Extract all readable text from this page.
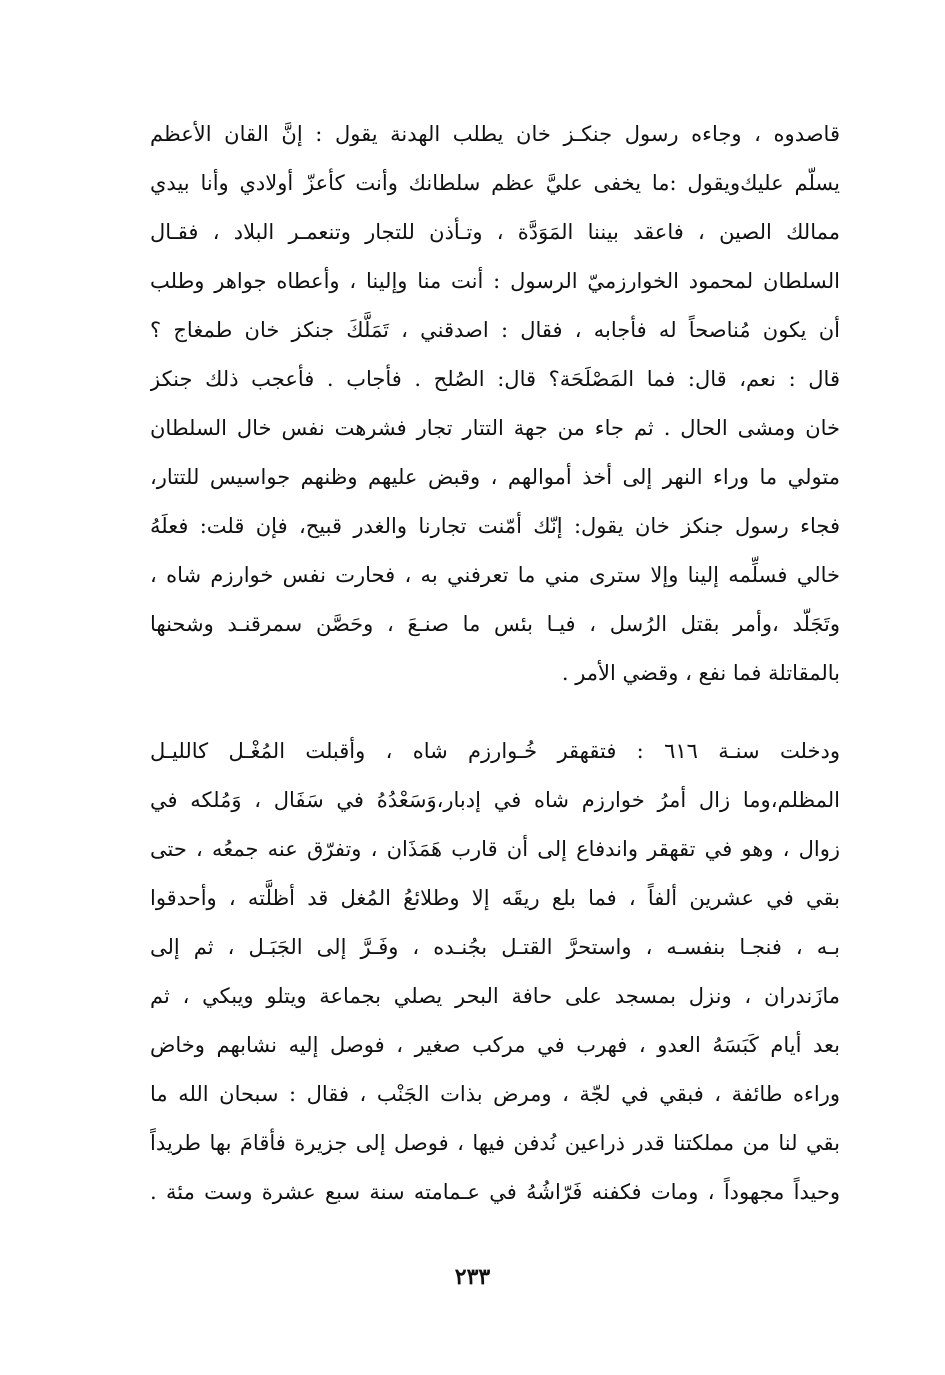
قاصدوه ، وجاءه رسول جنكـز خان يطلب الهدنة يقول : إنَّ القان الأعظم
يسلّم عليك‌ويقول :ما يخفى عليَّ عظم سلطانك وأنت كأعزّ أولادي وأنا بيدي
ممالك الصين ، فاعقد بيننا المَوَدَّة ، وتـأذن للتجار وتنعمـر البلاد ، فقـال
السلطان لمحمود الخوارزميّ الرسول : أنت منا وإلينا ، وأعطاه جواهر وطلب
أن يكون مُناصحاً له فأجابه ، فقال : اصدقني ، تَمَلَّكَ جنكز خان طمغاج ؟
قال : نعم، قال: فما المَصْلَحَة؟ قال: الصُلح . فأجاب . فأعجب ذلك جنكز
خان ومشى الحال . ثم جاء من جهة التتار تجار فشرهت نفس خال السلطان
متولي ما وراء النهر إلى أخذ أموالهم ، وقبض عليهم وظنهم جواسيس للتتار،
فجاء رسول جنكز خان يقول: إنّك أمّنت تجارنا والغدر قبيح، فإن قلت: فعلَهُ
خالي فسلِّمه إلينا وإلا سترى مني ما تعرفني به ، فحارت نفس خوارزم شاه ،
وتَجَلّد ،وأمر بقتل الرُسل ، فيـا بئس ما صنـعَ ، وحَصَّن سمرقنـد وشحنها
بالمقاتلة فما نفع ، وقضي الأمر .
ودخلت سنـة ٦١٦ : فتقهقر خُـوارزم شاه ، وأقبلت المُغْـل كالليـل
المظلم،وما زال أمرُ خوارزم شاه في إدبار،وَسَعْدُهُ في سَفَال ، وَمُلكه في
زوال ، وهو في تقهقر واندفاع إلى أن قارب هَمَذَان ، وتفرّق عنه جمعُه ، حتى
بقي في عشرين ألفاً ، فما بلع ريقَه إلا وطلائعُ المُغل قد أظلَّته ، وأحدقوا
بـه ، فنجـا بنفسـه ، واستحرَّ القتـل بجُنـده ، وفَـرَّ إلى الجَبَـل ، ثم إلى
مازَندران ، ونزل بمسجد على حافة البحر يصلي بجماعة ويتلو ويبكي ، ثم
بعد أيام كَبَسَهُ العدو ، فهرب في مركب صغير ، فوصل إليه نشابهم وخاض
وراءه طائفة ، فبقي في لجّة ، ومرض بذات الجَنْب ، فقال : سبحان الله ما
بقي لنا من مملكتنا قدر ذراعين نُدفن فيها ، فوصل إلى جزيرة فأقامَ بها طريداً
وحيداً مجهوداً ، ومات فكفنه فَرّاشُهُ في عـمامته سنة سبع عشرة وست مئة .
٢٣٣
